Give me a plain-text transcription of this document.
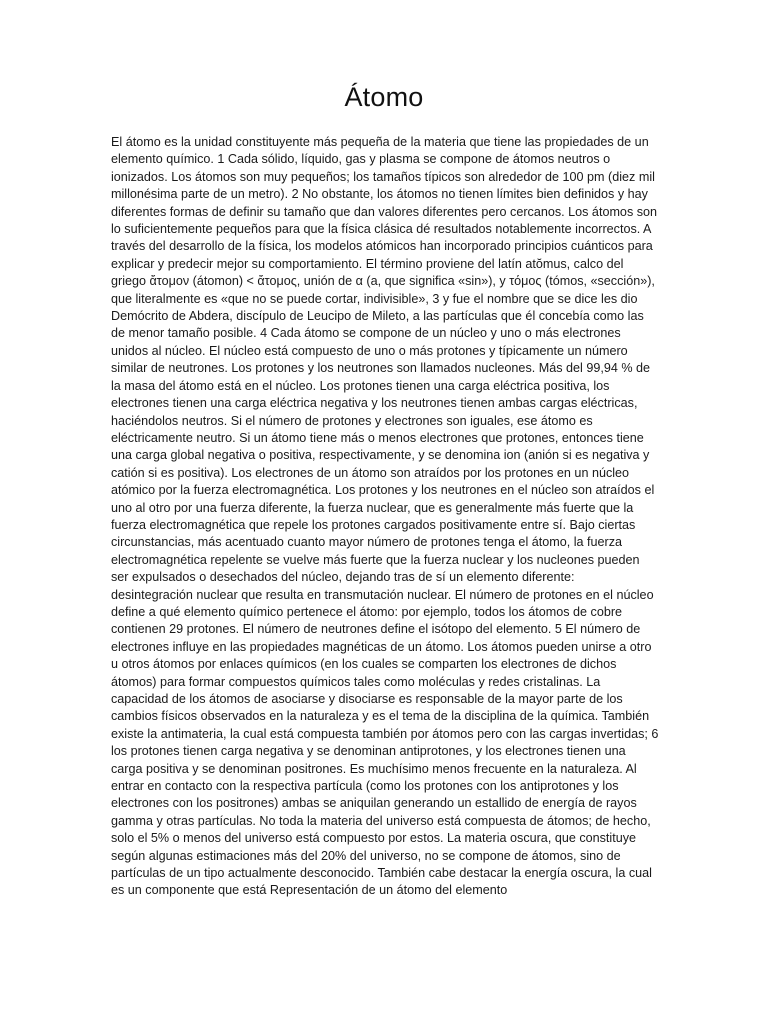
Átomo

El átomo es la unidad constituyente más pequeña de la materia que tiene las propiedades de un elemento químico. 1 Cada sólido, líquido, gas y plasma se compone de átomos neutros o ionizados. Los átomos son muy pequeños; los tamaños típicos son alrededor de 100 pm (diez mil millonésima parte de un metro). 2 No obstante, los átomos no tienen límites bien definidos y hay diferentes formas de definir su tamaño que dan valores diferentes pero cercanos. Los átomos son lo suficientemente pequeños para que la física clásica dé resultados notablemente incorrectos. A través del desarrollo de la física, los modelos atómicos han incorporado principios cuánticos para explicar y predecir mejor su comportamiento. El término proviene del latín atŏmus, calco del griego ἄτομον (átomon) < ἄτομος, unión de α (a, que significa «sin»), y τόμος (tómos, «sección»), que literalmente es «que no se puede cortar, indivisible», 3 y fue el nombre que se dice les dio Demócrito de Abdera, discípulo de Leucipo de Mileto, a las partículas que él concebía como las de menor tamaño posible. 4 Cada átomo se compone de un núcleo y uno o más electrones unidos al núcleo. El núcleo está compuesto de uno o más protones y típicamente un número similar de neutrones. Los protones y los neutrones son llamados nucleones. Más del 99,94 % de la masa del átomo está en el núcleo. Los protones tienen una carga eléctrica positiva, los electrones tienen una carga eléctrica negativa y los neutrones tienen ambas cargas eléctricas, haciéndolos neutros. Si el número de protones y electrones son iguales, ese átomo es eléctricamente neutro. Si un átomo tiene más o menos electrones que protones, entonces tiene una carga global negativa o positiva, respectivamente, y se denomina ion (anión si es negativa y catión si es positiva). Los electrones de un átomo son atraídos por los protones en un núcleo atómico por la fuerza electromagnética. Los protones y los neutrones en el núcleo son atraídos el uno al otro por una fuerza diferente, la fuerza nuclear, que es generalmente más fuerte que la fuerza electromagnética que repele los protones cargados positivamente entre sí. Bajo ciertas circunstancias, más acentuado cuanto mayor número de protones tenga el átomo, la fuerza electromagnética repelente se vuelve más fuerte que la fuerza nuclear y los nucleones pueden ser expulsados o desechados del núcleo, dejando tras de sí un elemento diferente: desintegración nuclear que resulta en transmutación nuclear. El número de protones en el núcleo define a qué elemento químico pertenece el átomo: por ejemplo, todos los átomos de cobre contienen 29 protones. El número de neutrones define el isótopo del elemento. 5 El número de electrones influye en las propiedades magnéticas de un átomo. Los átomos pueden unirse a otro u otros átomos por enlaces químicos (en los cuales se comparten los electrones de dichos átomos) para formar compuestos químicos tales como moléculas y redes cristalinas. La capacidad de los átomos de asociarse y disociarse es responsable de la mayor parte de los cambios físicos observados en la naturaleza y es el tema de la disciplina de la química. También existe la antimateria, la cual está compuesta también por átomos pero con las cargas invertidas; 6 los protones tienen carga negativa y se denominan antiprotones, y los electrones tienen una carga positiva y se denominan positrones. Es muchísimo menos frecuente en la naturaleza. Al entrar en contacto con la respectiva partícula (como los protones con los antiprotones y los electrones con los positrones) ambas se aniquilan generando un estallido de energía de rayos gamma y otras partículas. No toda la materia del universo está compuesta de átomos; de hecho, solo el 5% o menos del universo está compuesto por estos. La materia oscura, que constituye según algunas estimaciones más del 20% del universo, no se compone de átomos, sino de partículas de un tipo actualmente desconocido. También cabe destacar la energía oscura, la cual es un componente que está Representación de un átomo del elemento
